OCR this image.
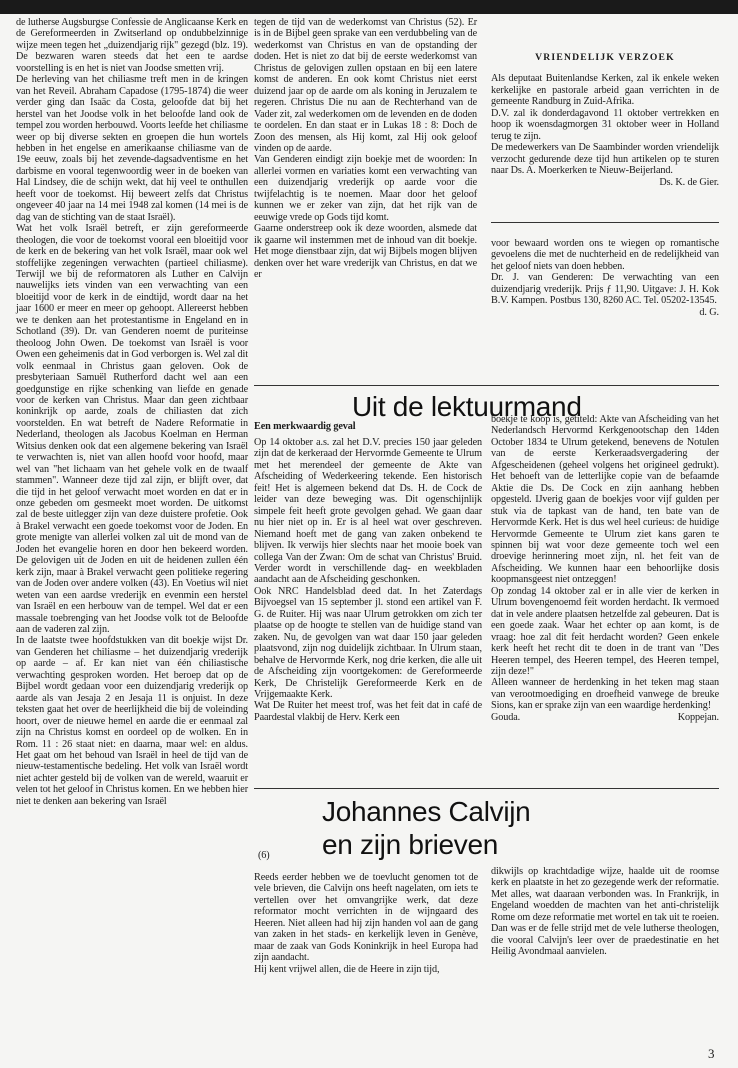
de lutherse Augsburgse Confessie de Anglicaanse Kerk en de Gereformeerden in Zwitserland op ondubbelzinnige wijze meen tegen het „duizendjarig rijk" gezegd (blz. 19). De bezwaren waren steeds dat het een te aardse voorstelling is en het is niet van Joodse smetten vrij.

De herleving van het chiliasme treft men in de kringen van het Reveil. Abraham Capadose (1795-1874) die weer verder ging dan Isaäc da Costa, geloofde dat bij het herstel van het Joodse volk in het beloofde land ook de tempel zou worden herbouwd. Voorts leefde het chiliasme weer op bij diverse sekten en groepen die hun wortels hebben in het engelse en amerikaanse chiliasme van de 19e eeuw, zoals bij het zevende-dagsadventisme en het darbisme en vooral tegenwoordig weer in de boeken van Hal Lindsey, die de schijn wekt, dat hij veel te onthullen heeft voor de toekomst. Hij beweert zelfs dat Christus ongeveer 40 jaar na 14 mei 1948 zal komen (14 mei is de dag van de stichting van de staat Israël).

Wat het volk Israël betreft, er zijn gereformeerde theologen, die voor de toekomst vooral een bloeitijd voor de kerk en de bekering van het volk Israël, maar ook wel stoffelijke zegeningen verwachten (partieel chiliasme). Terwijl we bij de reformatoren als Luther en Calvijn nauwelijks iets vinden van een verwachting van een bloeitijd voor de kerk in de eindtijd, wordt daar na het jaar 1600 er meer en meer op gehoopt. Allereerst hebben we te denken aan het protestantisme in Engeland en in Schotland (39). Dr. van Genderen noemt de puriteinse theoloog John Owen. De toekomst van Israël is voor Owen een geheimenis dat in God verborgen is. Wel zal dit volk eenmaal in Christus gaan geloven. Ook de presbyteriaan Samuël Rutherford dacht wel aan een goedgunstige en rijke schenking van liefde en genade voor de kerken van Christus. Maar dan geen zichtbaar koninkrijk op aarde, zoals de chiliasten dat zich voorstelden. En wat betreft de Nadere Reformatie in Nederland, theologen als Jacobus Koelman en Herman Witsius denken ook dat een algemene bekering van Israël te verwachten is, niet van allen hoofd voor hoofd, maar wel van "het lichaam van het gehele volk en de twaalf stammen". Wanneer deze tijd zal zijn, er blijft over, dat die tijd in het geloof verwacht moet worden en dat er in onze gebeden om gesmeekt moet worden. De uitkomst zal de beste uitlegger zijn van deze duistere profetie. Ook à Brakel verwacht een goede toekomst voor de Joden. En grote menigte van allerlei volken zal uit de mond van de Joden het evangelie horen en door hen bekeerd worden. De gelovigen uit de Joden en uit de heidenen zullen één kerk zijn, maar à Brakel verwacht geen politieke regering van de Joden over andere volken (43). En Voetius wil niet weten van een aardse vrederijk en evenmin een herstel van Israël en een herbouw van de tempel. Wel dat er een massale toebrenging van het Joodse volk tot de Beloofde aan de vaderen zal zijn.

In de laatste twee hoofdstukken van dit boekje wijst Dr. van Genderen het chiliasme – het duizendjarig vrederijk op aarde – af. Er kan niet van één chiliastische verwachting gesproken worden. Het beroep dat op de Bijbel wordt gedaan voor een duizendjarig vrederijk op aarde als van Jesaja 2 en Jesaja 11 is onjuist. In deze teksten gaat het over de heerlijkheid die bij de voleinding hoort, over de nieuwe hemel en aarde die er eenmaal zal zijn na Christus komst en oordeel op de wolken. En in Rom. 11 : 26 staat niet: en daarna, maar wel: en aldus. Het gaat om het behoud van Israël in heel de tijd van de nieuw-testamentische bedeling. Het volk van Israël wordt niet achter gesteld bij de volken van de wereld, waaruit er velen tot het geloof in Christus komen. En we hebben hier niet te denken aan bekering van Israël

tegen de tijd van de wederkomst van Christus (52). Er is in de Bijbel geen sprake van een verdubbeling van de wederkomst van Christus en van de opstanding der doden. Het is niet zo dat bij de eerste wederkomst van Christus de gelovigen zullen opstaan en bij een latere komst de anderen. En ook komt Christus niet eerst duizend jaar op de aarde om als koning in Jeruzalem te regeren. Christus Die nu aan de Rechterhand van de Vader zit, zal wederkomen om de levenden en de doden te oordelen. En dan staat er in Lukas 18 : 8: Doch de Zoon des mensen, als Hij komt, zal Hij ook geloof vinden op de aarde.

Van Genderen eindigt zijn boekje met de woorden: In allerlei vormen en variaties komt een verwachting van een duizendjarig vrederijk op aarde voor die twijfelachtig is te noemen. Maar door het geloof kunnen we er zeker van zijn, dat het rijk van de eeuwige vrede op Gods tijd komt.

Gaarne onderstreep ook ik deze woorden, alsmede dat ik gaarne wil instemmen met de inhoud van dit boekje. Het moge dienstbaar zijn, dat wij Bijbels mogen blijven denken over het ware vrederijk van Christus, en dat we er

VRIENDELIJK VERZOEK

Als deputaat Buitenlandse Kerken, zal ik enkele weken kerkelijke en pastorale arbeid gaan verrichten in de gemeente Randburg in Zuid-Afrika.

D.V. zal ik donderdagavond 11 oktober vertrekken en hoop ik woensdagmorgen 31 oktober weer in Holland terug te zijn.

De medewerkers van De Saambinder worden vriendelijk verzocht gedurende deze tijd hun artikelen op te sturen naar Ds. A. Moerkerken te Nieuw-Beijerland.

Ds. K. de Gier.

voor bewaard worden ons te wiegen op romantische gevoelens die met de nuchterheid en de redelijkheid van het geloof niets van doen hebben.

Dr. J. van Genderen: De verwachting van een duizendjarig vrederijk. Prijs ƒ 11,90. Uitgave: J. H. Kok B.V. Kampen. Postbus 130, 8260 AC. Tel. 05202-13545.

d. G.

Uit de lektuurmand
Een merkwaardig geval

Op 14 oktober a.s. zal het D.V. precies 150 jaar geleden zijn dat de kerkeraad der Hervormde Gemeente te Ulrum met het merendeel der gemeente de Akte van Afscheiding of Wederkeering tekende. Een historisch feit! Het is algemeen bekend dat Ds. H. de Cock de leider van deze beweging was. Dit ogenschijnlijk simpele feit heeft grote gevolgen gehad. We gaan daar nu hier niet op in. Er is al heel wat over geschreven. Niemand hoeft met de gang van zaken onbekend te blijven. Ik verwijs hier slechts naar het mooie boek van collega Van der Zwan: Om de schat van Christus' Bruid. Verder wordt in verschillende dag- en weekbladen aandacht aan de Afscheiding geschonken.

Ook NRC Handelsblad deed dat. In het Zaterdags Bijvoegsel van 15 september jl. stond een artikel van F. G. de Ruiter. Hij was naar Ulrum getrokken om zich ter plaatse op de hoogte te stellen van de huidige stand van zaken. Nu, de gevolgen van wat daar 150 jaar geleden plaatsvond, zijn nog duidelijk zichtbaar. In Ulrum staan, behalve de Hervormde Kerk, nog drie kerken, die alle uit de Afscheiding zijn voortgekomen: de Gereformeerde Kerk, De Christelijk Gereformeerde Kerk en de Vrijgemaakte Kerk.

Wat De Ruiter het meest trof, was het feit dat in café de Paardestal vlakbij de Herv. Kerk een

boekje te koop is, getiteld: Akte van Afscheiding van het Nederlandsch Hervormd Kerkgenootschap den 14den October 1834 te Ulrum getekend, benevens de Notulen van de eerste Kerkeraadsvergadering der Afgescheidenen (geheel volgens het origineel gedrukt). Het behoeft van de letterlijke copie van de befaamde Aktie die Ds. De Cock en zijn aanhang hebben opgesteld. IJverig gaan de boekjes voor vijf gulden per stuk via de tapkast van de hand, ten bate van de Hervormde Kerk. Het is dus wel heel curieus: de huidige Hervormde Gemeente te Ulrum ziet kans garen te spinnen bij wat voor deze gemeente toch wel een droevige herinnering moet zijn, nl. het feit van de Afscheiding. We kunnen haar een behoorlijke dosis koopmansgeest niet ontzeggen!

Op zondag 14 oktober zal er in alle vier de kerken in Ulrum bovengenoemd feit worden herdacht. Ik vermoed dat in vele andere plaatsen hetzelfde zal gebeuren. Dat is een goede zaak. Waar het echter op aan komt, is de vraag: hoe zal dit feit herdacht worden? Geen enkele kerk heeft het recht dit te doen in de trant van "Des Heeren tempel, des Heeren tempel, des Heeren tempel, zijn deze!"

Alleen wanneer de herdenking in het teken mag staan van verootmoediging en droefheid vanwege de breuke Sions, kan er sprake zijn van een waardige herdenking!

Gouda.	Koppejan.

Johannes Calvijn
en zijn brieven
(6)

Reeds eerder hebben we de toevlucht genomen tot de vele brieven, die Calvijn ons heeft nagelaten, om iets te vertellen over het omvangrijke werk, dat deze reformator mocht verrichten in de wijngaard des Heeren. Niet alleen had hij zijn handen vol aan de gang van zaken in het stads- en kerkelijk leven in Genève, maar de zaak van Gods Koninkrijk in heel Europa had zijn aandacht.
Hij kent vrijwel allen, die de Heere in zijn tijd,

dikwijls op krachtdadige wijze, haalde uit de roomse kerk en plaatste in het zo gezegende werk der reformatie. Met alles, wat daaraan verbonden was. In Frankrijk, in Engeland woedden de machten van het anti-christelijk Rome om deze reformatie met wortel en tak uit te roeien. Dan was er de felle strijd met de vele lutherse theologen, die vooral Calvijn's leer over de praedestinatie en het Heilig Avondmaal aanvielen.

3
